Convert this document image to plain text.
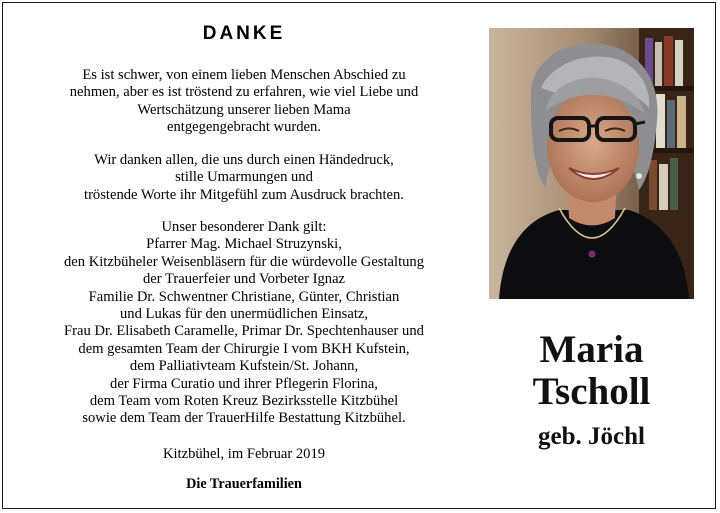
DANKE
Es ist schwer, von einem lieben Menschen Abschied zu
nehmen, aber es ist tröstend zu erfahren, wie viel Liebe und
Wertschätzung unserer lieben Mama
entgegengebracht wurden.
Wir danken allen, die uns durch einen Händedruck,
stille Umarmungen und
tröstende Worte ihr Mitgefühl zum Ausdruck brachten.
Unser besonderer Dank gilt:
Pfarrer Mag. Michael Struzynski,
den Kitzbüheler Weisenbläsern für die würdevolle Gestaltung
der Trauerfeier und Vorbeter Ignaz
Familie Dr. Schwentner Christiane, Günter, Christian
und Lukas für den unermüdlichen Einsatz,
Frau Dr. Elisabeth Caramelle, Primar Dr. Spechtenhauser und
dem gesamten Team der Chirurgie I vom BKH Kufstein,
dem Palliativteam Kufstein/St. Johann,
der Firma Curatio und ihrer Pflegerin Florina,
dem Team vom Roten Kreuz Bezirksstelle Kitzbühel
sowie dem Team der TrauerHilfe Bestattung Kitzbühel.
Kitzbühel, im Februar 2019
Die Trauerfamilien
Maria
Tscholl
geb. Jöchl
